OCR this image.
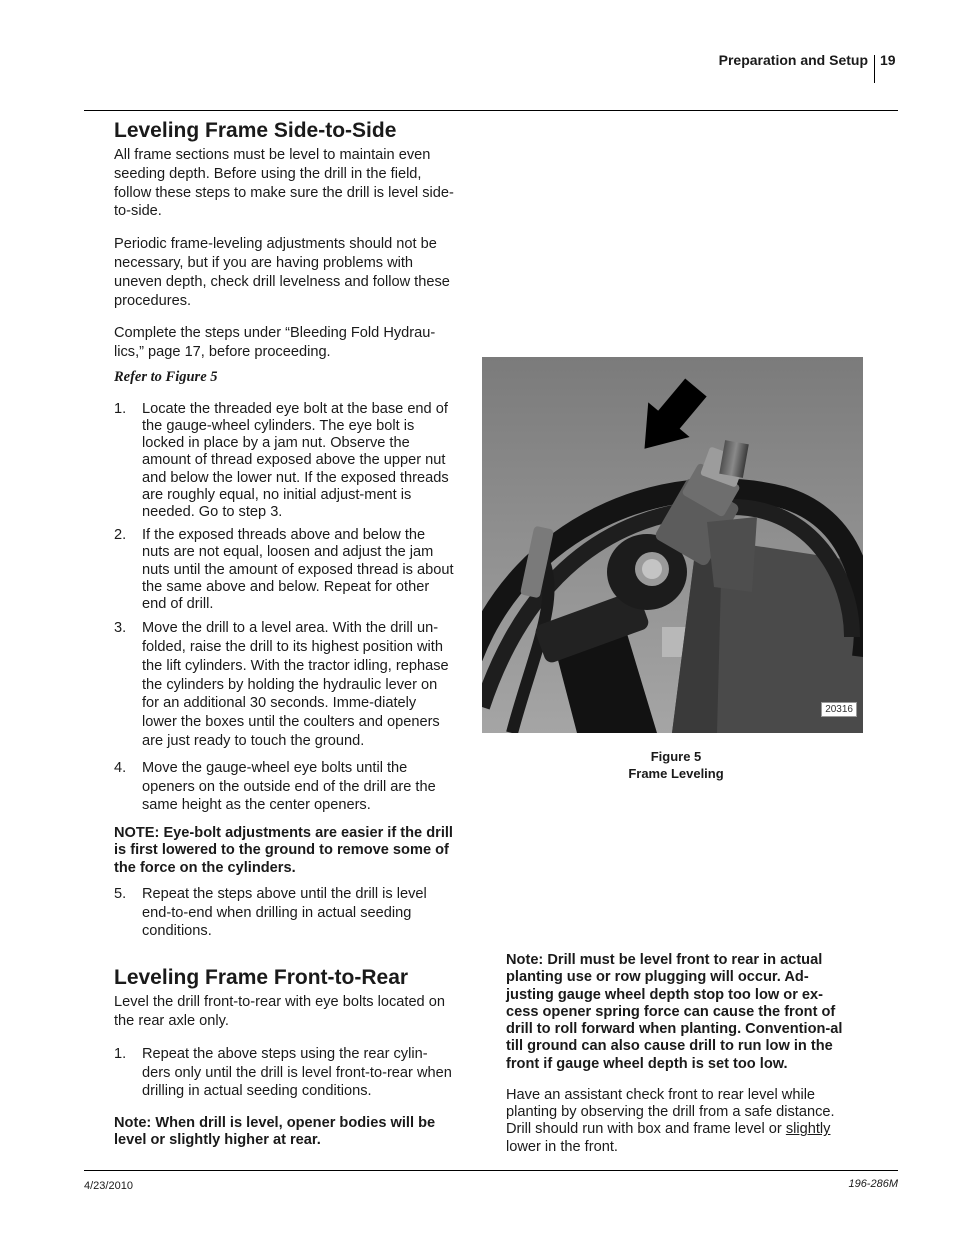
Preparation and Setup 19
Leveling Frame Side-to-Side

All frame sections must be level to maintain even seeding depth. Before using the drill in the field, follow these steps to make sure the drill is level side-to-side.

Periodic frame-leveling adjustments should not be necessary, but if you are having problems with uneven depth, check drill levelness and follow these procedures.

Complete the steps under “Bleeding Fold Hydrau-lics,” page 17, before proceeding.

Refer to Figure 5

1. Locate the threaded eye bolt at the base end of the gauge-wheel cylinders. The eye bolt is locked in place by a jam nut. Observe the amount of thread exposed above the upper nut and below the lower nut. If the exposed threads are roughly equal, no initial adjust-ment is needed. Go to step 3.
2. If the exposed threads above and below the nuts are not equal, loosen and adjust the jam nuts until the amount of exposed thread is about the same above and below. Repeat for other end of drill.
3. Move the drill to a level area. With the drill un-folded, raise the drill to its highest position with the lift cylinders. With the tractor idling, rephase the cylinders by holding the hydraulic lever on for an additional 30 seconds. Imme-diately lower the boxes until the coulters and openers are just ready to touch the ground.
4. Move the gauge-wheel eye bolts until the openers on the outside end of the drill are the same height as the center openers.

NOTE: Eye-bolt adjustments are easier if the drill is first lowered to the ground to remove some of the force on the cylinders.

5. Repeat the steps above until the drill is level end-to-end when drilling in actual seeding conditions.
Leveling Frame Front-to-Rear

Level the drill front-to-rear with eye bolts located on the rear axle only.

1. Repeat the above steps using the rear cylin-ders only until the drill is level front-to-rear when drilling in actual seeding conditions.

Note: When drill is level, opener bodies will be level or slightly higher at rear.

20316
Figure 5
Frame Leveling

Note: Drill must be level front to rear in actual planting use or row plugging will occur. Ad-justing gauge wheel depth stop too low or ex-cess opener spring force can cause the front of drill to roll forward when planting. Convention-al till ground can also cause drill to run low in the front if gauge wheel depth is set too low.

Have an assistant check front to rear level while planting by observing the drill from a safe distance. Drill should run with box and frame level or slightly lower in the front.

4/23/2010	196-286M
